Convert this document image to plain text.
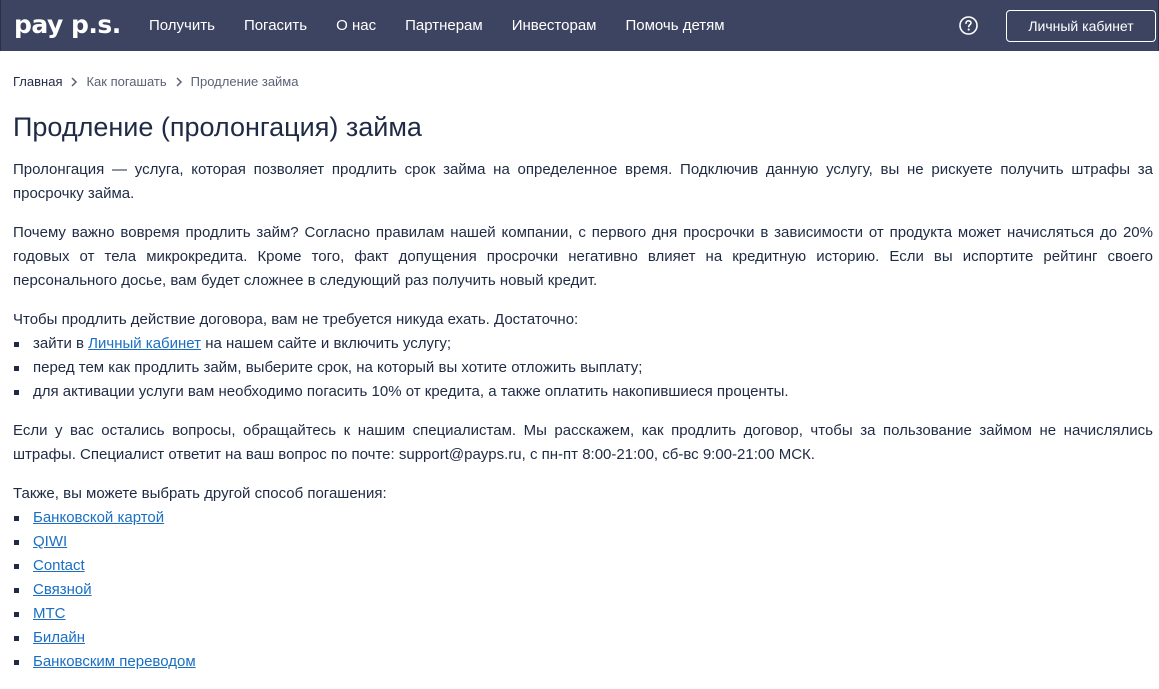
pay p.s. Получить Погасить О нас Партнерам Инвесторам Помочь детям	Личный кабинет
Главная Как погашать Продление займа
Продление (пролонгация) займа

Пролонгация — услуга, которая позволяет продлить срок займа на определенное время. Подключив данную услугу, вы не рискуете получить штрафы за просрочку займа.

Почему важно вовремя продлить займ? Согласно правилам нашей компании, с первого дня просрочки в зависимости от продукта может начисляться до 20% годовых от тела микрокредита. Кроме того, факт допущения просрочки негативно влияет на кредитную историю. Если вы испортите рейтинг своего персонального досье, вам будет сложнее в следующий раз получить новый кредит.

Чтобы продлить действие договора, вам не требуется никуда ехать. Достаточно:

зайти в Личный кабинет на нашем сайте и включить услугу;
перед тем как продлить займ, выберите срок, на который вы хотите отложить выплату;
для активации услуги вам необходимо погасить 10% от кредита, а также оплатить накопившиеся проценты.

Если у вас остались вопросы, обращайтесь к нашим специалистам. Мы расскажем, как продлить договор, чтобы за пользование займом не начислялись штрафы. Специалист ответит на ваш вопрос по почте: support@payps.ru, с пн-пт 8:00-21:00, сб-вс 9:00-21:00 МСК.

Также, вы можете выбрать другой способ погашения:

Банковской картой
QIWI
Contact
Связной
МТС
Билайн
Банковским переводом
